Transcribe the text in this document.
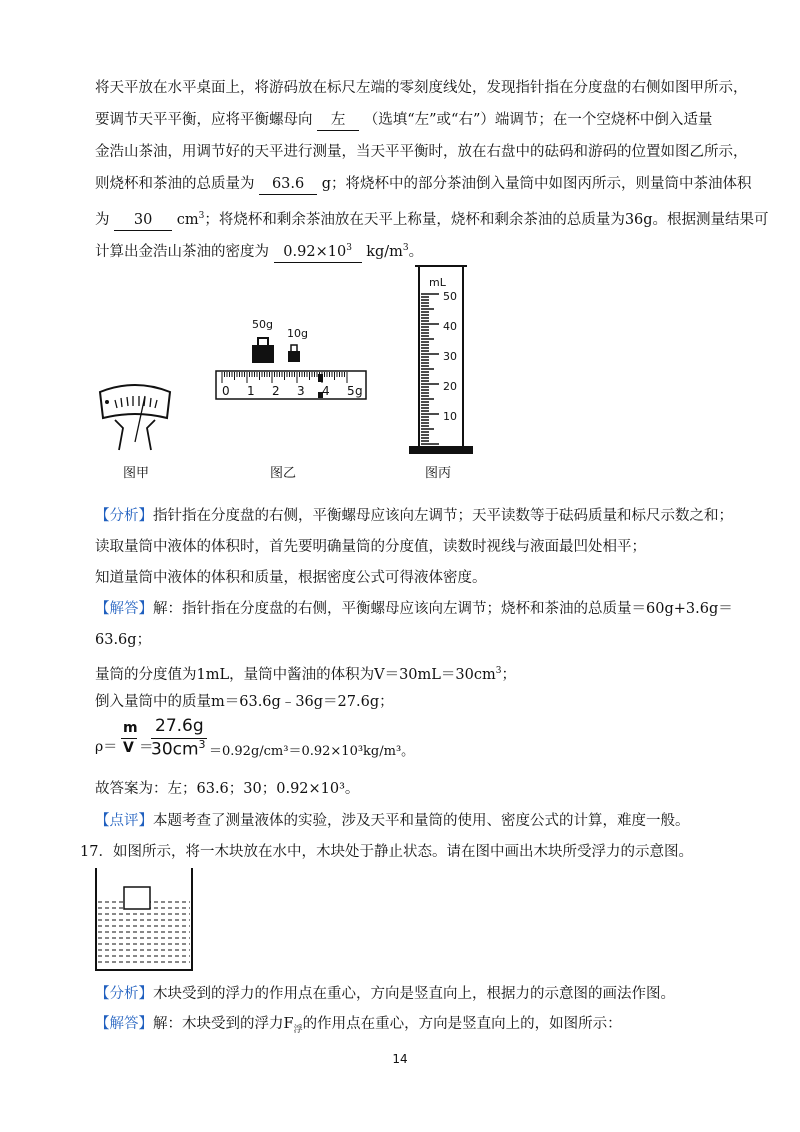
将天平放在水平桌面上，将游码放在标尺左端的零刻度线处，发现指针指在分度盘的右侧如图甲所示，
要调节天平平衡，应将平衡螺母向 左 （选填“左”或“右”）端调节；在一个空烧杯中倒入适量
金浩山茶油，用调节好的天平进行测量，当天平平衡时，放在右盘中的砝码和游码的位置如图乙所示，
则烧杯和茶油的总质量为 63.6 g；将烧杯中的部分茶油倒入量筒中如图丙所示，则量筒中茶油体积
为 30 $cm^3$；将烧杯和剩余茶油放在天平上称量，烧杯和剩余茶油的总质量为36g。根据测量结果可
计算出金浩山茶油的密度为 $0.92\times 10^3$ $kg/m^3$。
图甲
50g
10g
0 1 2 3 4 5 g
图乙
mL
50
40
30
20
10
图丙
【分析】指针指在分度盘的右侧，平衡螺母应该向左调节；天平读数等于砝码质量和标尺示数之和；
读取量筒中液体的体积时，首先要明确量筒的分度值，读数时视线与液面最凹处相平；
知道量筒中液体的体积和质量，根据密度公式可得液体密度。
【解答】解：指针指在分度盘的右侧，平衡螺母应该向左调节；烧杯和茶油的总质量＝60g+3.6g＝
63.6g；
量筒的分度值为1mL，量筒中酱油的体积为$V=30mL=30cm^3$；
倒入量筒中的质量m＝63.6g﹣36g＝27.6g；
ρ＝
m
V ＝
27.6g
$30cm^3 =0.92g/cm^3=0.92\times 10^3kg/m^3$。
故答案为：左；63.6；30；0.92×10³。
【点评】本题考查了测量液体的实验，涉及天平和量筒的使用、密度公式的计算，难度一般。
17．如图所示，将一木块放在水中，木块处于静止状态。请在图中画出木块所受浮力的示意图。
【分析】木块受到的浮力的作用点在重心，方向是竖直向上，根据力的示意图的画法作图。
【解答】解：木块受到的浮力$F_浮$的作用点在重心，方向是竖直向上的，如图所示：
14
